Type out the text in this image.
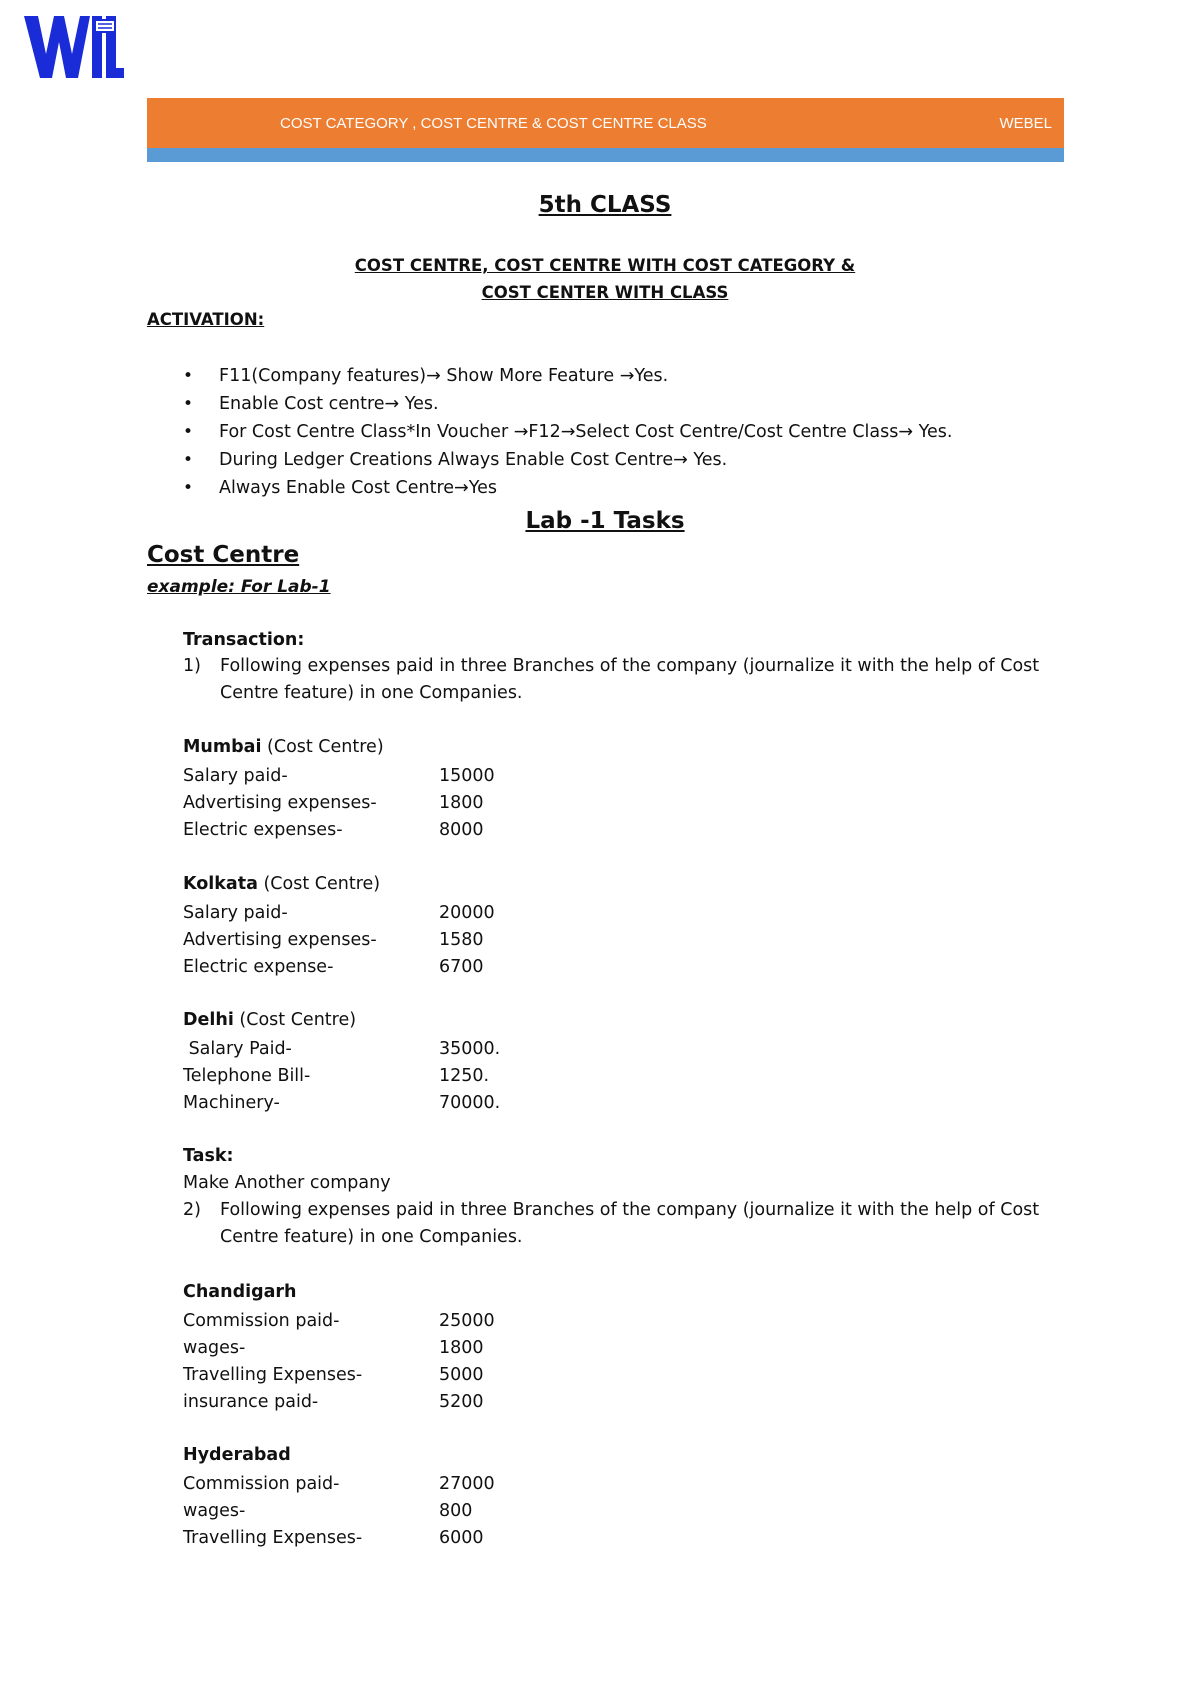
COST CATEGORY , COST CENTRE & COST CENTRE CLASS	WEBEL
5th CLASS
COST CENTRE, COST CENTRE WITH COST CATEGORY &
COST CENTER WITH CLASS
ACTIVATION:
• F11(Company features)→ Show More Feature →Yes.
• Enable Cost centre→ Yes.
• For Cost Centre Class*In Voucher →F12→Select Cost Centre/Cost Centre Class→ Yes.
• During Ledger Creations Always Enable Cost Centre→ Yes.
• Always Enable Cost Centre→Yes
Lab -1 Tasks
Cost Centre
example: For Lab-1
Transaction:
1) Following expenses paid in three Branches of the company (journalize it with the help of Cost Centre feature) in one Companies.
Mumbai (Cost Centre)
Salary paid-	15000
Advertising expenses-	1800
Electric expenses-	8000
Kolkata (Cost Centre)
Salary paid-	20000
Advertising expenses-	1580
Electric expense-	6700
Delhi (Cost Centre)
Salary Paid-	35000.
Telephone Bill-	1250.
Machinery-	70000.
Task:
Make Another company
2) Following expenses paid in three Branches of the company (journalize it with the help of Cost Centre feature) in one Companies.
Chandigarh
Commission paid-	25000
wages-	1800
Travelling Expenses-	5000
insurance paid-	5200
Hyderabad
Commission paid-	27000
wages-	800
Travelling Expenses-	6000
